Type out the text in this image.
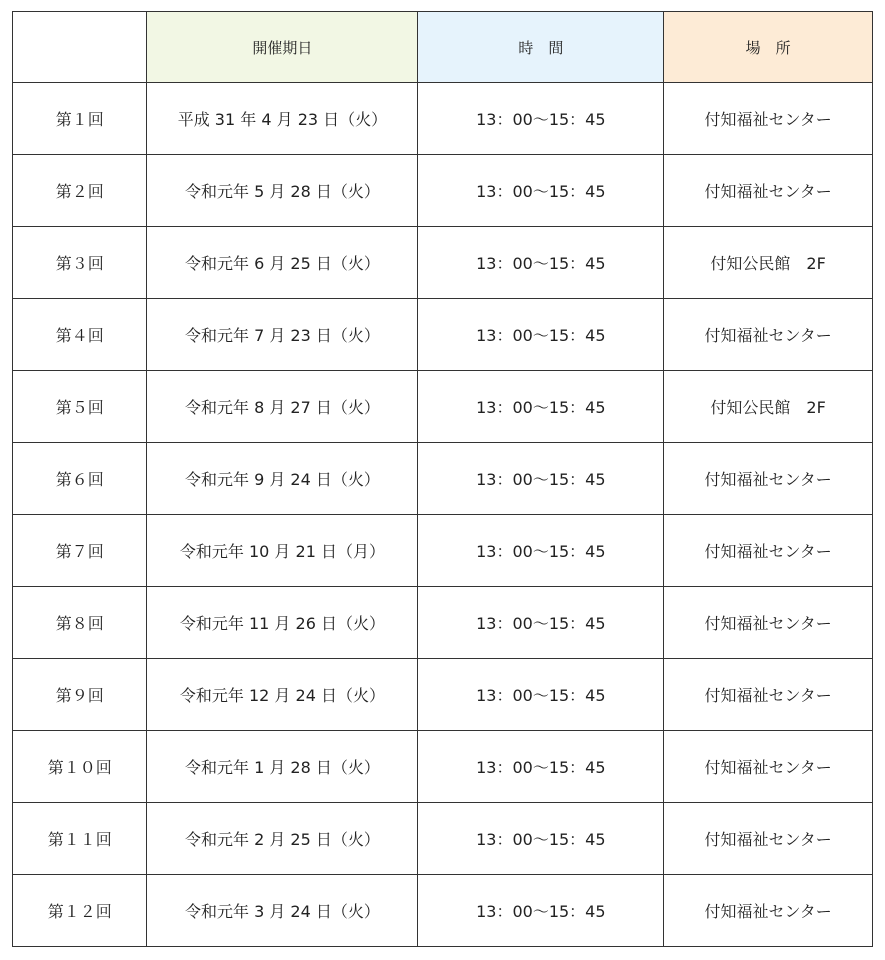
	開催期日	時　間	場　所
第１回	平成 31 年 4 月 23 日（火）	13：00〜15：45	付知福祉センター
第２回	令和元年 5 月 28 日（火）	13：00〜15：45	付知福祉センター
第３回	令和元年 6 月 25 日（火）	13：00〜15：45	付知公民館　2F
第４回	令和元年 7 月 23 日（火）	13：00〜15：45	付知福祉センター
第５回	令和元年 8 月 27 日（火）	13：00〜15：45	付知公民館　2F
第６回	令和元年 9 月 24 日（火）	13：00〜15：45	付知福祉センター
第７回	令和元年 10 月 21 日（月）	13：00〜15：45	付知福祉センター
第８回	令和元年 11 月 26 日（火）	13：00〜15：45	付知福祉センター
第９回	令和元年 12 月 24 日（火）	13：00〜15：45	付知福祉センター
第１０回	令和元年 1 月 28 日（火）	13：00〜15：45	付知福祉センター
第１１回	令和元年 2 月 25 日（火）	13：00〜15：45	付知福祉センター
第１２回	令和元年 3 月 24 日（火）	13：00〜15：45	付知福祉センター
